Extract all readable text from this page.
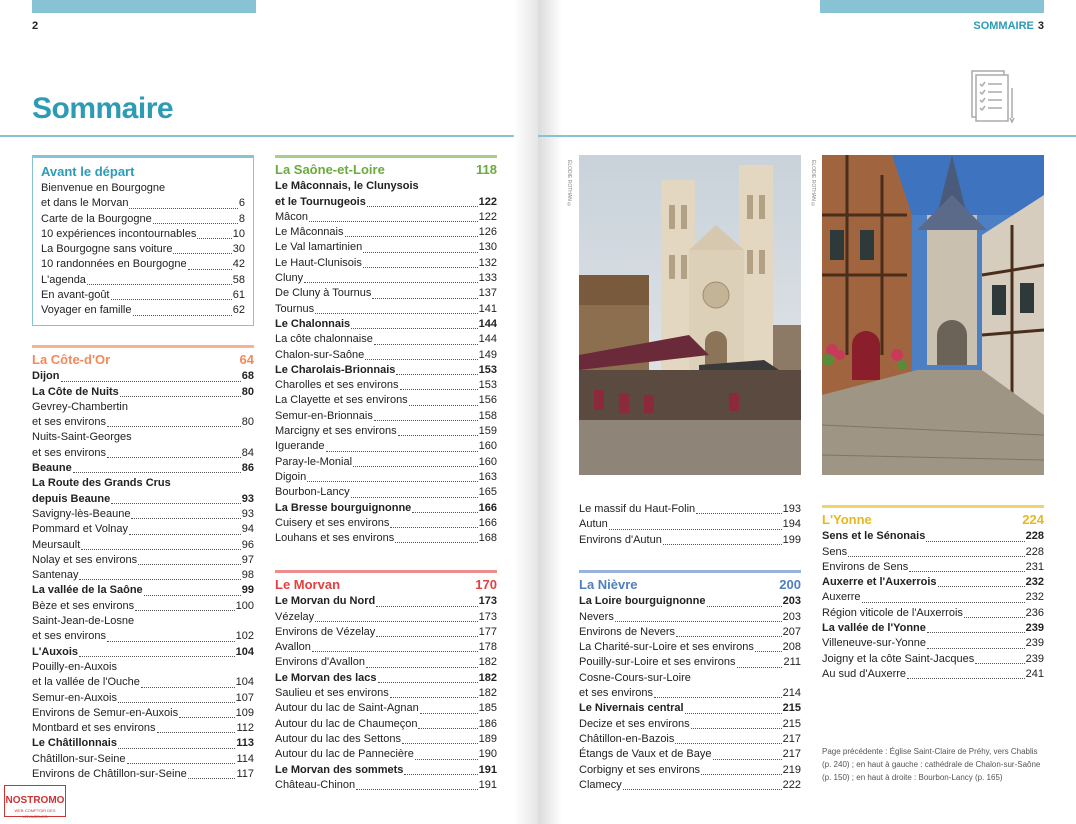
2	SOMMAIRE 3
Sommaire
Avant le départ
Bienvenue en Bourgogne
et dans le Morvan	6
Carte de la Bourgogne	8
10 expériences incontournables	10
La Bourgogne sans voiture	30
10 randonnées en Bourgogne	42
L'agenda	58
En avant-goût	61
Voyager en famille	62
La Côte-d'Or	64
Dijon	68
La Côte de Nuits	80
Gevrey-Chambertin
et ses environs	80
Nuits-Saint-Georges
et ses environs	84
Beaune	86
La Route des Grands Crus
depuis Beaune	93
Savigny-lès-Beaune	93
Pommard et Volnay	94
Meursault	96
Nolay et ses environs	97
Santenay	98
La vallée de la Saône	99
Bèze et ses environs	100
Saint-Jean-de-Losne
et ses environs	102
L'Auxois	104
Pouilly-en-Auxois
et la vallée de l'Ouche	104
Semur-en-Auxois	107
Environs de Semur-en-Auxois	109
Montbard et ses environs	112
Le Châtillonnais	113
Châtillon-sur-Seine	114
Environs de Châtillon-sur-Seine	117
La Saône-et-Loire	118
Le Mâconnais, le Clunysois
et le Tournugeois	122
Mâcon	122
Le Mâconnais	126
Le Val lamartinien	130
Le Haut-Clunisois	132
Cluny	133
De Cluny à Tournus	137
Tournus	141
Le Chalonnais	144
La côte chalonnaise	144
Chalon-sur-Saône	149
Le Charolais-Brionnais	153
Charolles et ses environs	153
La Clayette et ses environs	156
Semur-en-Brionnais	158
Marcigny et ses environs	159
Iguerande	160
Paray-le-Monial	160
Digoin	163
Bourbon-Lancy	165
La Bresse bourguignonne	166
Cuisery et ses environs	166
Louhans et ses environs	168
Le Morvan	170
Le Morvan du Nord	173
Vézelay	173
Environs de Vézelay	177
Avallon	178
Environs d'Avallon	182
Le Morvan des lacs	182
Saulieu et ses environs	182
Autour du lac de Saint-Agnan	185
Autour du lac de Chaumeçon	186
Autour du lac des Settons	189
Autour du lac de Pannecière	190
Le Morvan des sommets	191
Château-Chinon	191
ÉLODIE ROTHAN ©	ÉLODIE ROTHAN ©
Le massif du Haut-Folin	193
Autun	194
Environs d'Autun	199
La Nièvre	200
La Loire bourguignonne	203
Nevers	203
Environs de Nevers	207
La Charité-sur-Loire et ses environs	208
Pouilly-sur-Loire et ses environs	211
Cosne-Cours-sur-Loire
et ses environs	214
Le Nivernais central	215
Decize et ses environs	215
Châtillon-en-Bazois	217
Étangs de Vaux et de Baye	217
Corbigny et ses environs	219
Clamecy	222
L'Yonne	224
Sens et le Sénonais	228
Sens	228
Environs de Sens	231
Auxerre et l'Auxerrois	232
Auxerre	232
Région viticole de l'Auxerrois	236
La vallée de l'Yonne	239
Villeneuve-sur-Yonne	239
Joigny et la côte Saint-Jacques	239
Au sud d'Auxerre	241
Page précédente : Église Saint-Claire de Préhy, vers Chablis (p. 240) ; en haut à gauche : cathédrale de Chalon-sur-Saône (p. 150) ; en haut à droite : Bourbon-Lancy (p. 165)
NOSTROMO
WEB COMPTOIR DES VOYAGEURS
